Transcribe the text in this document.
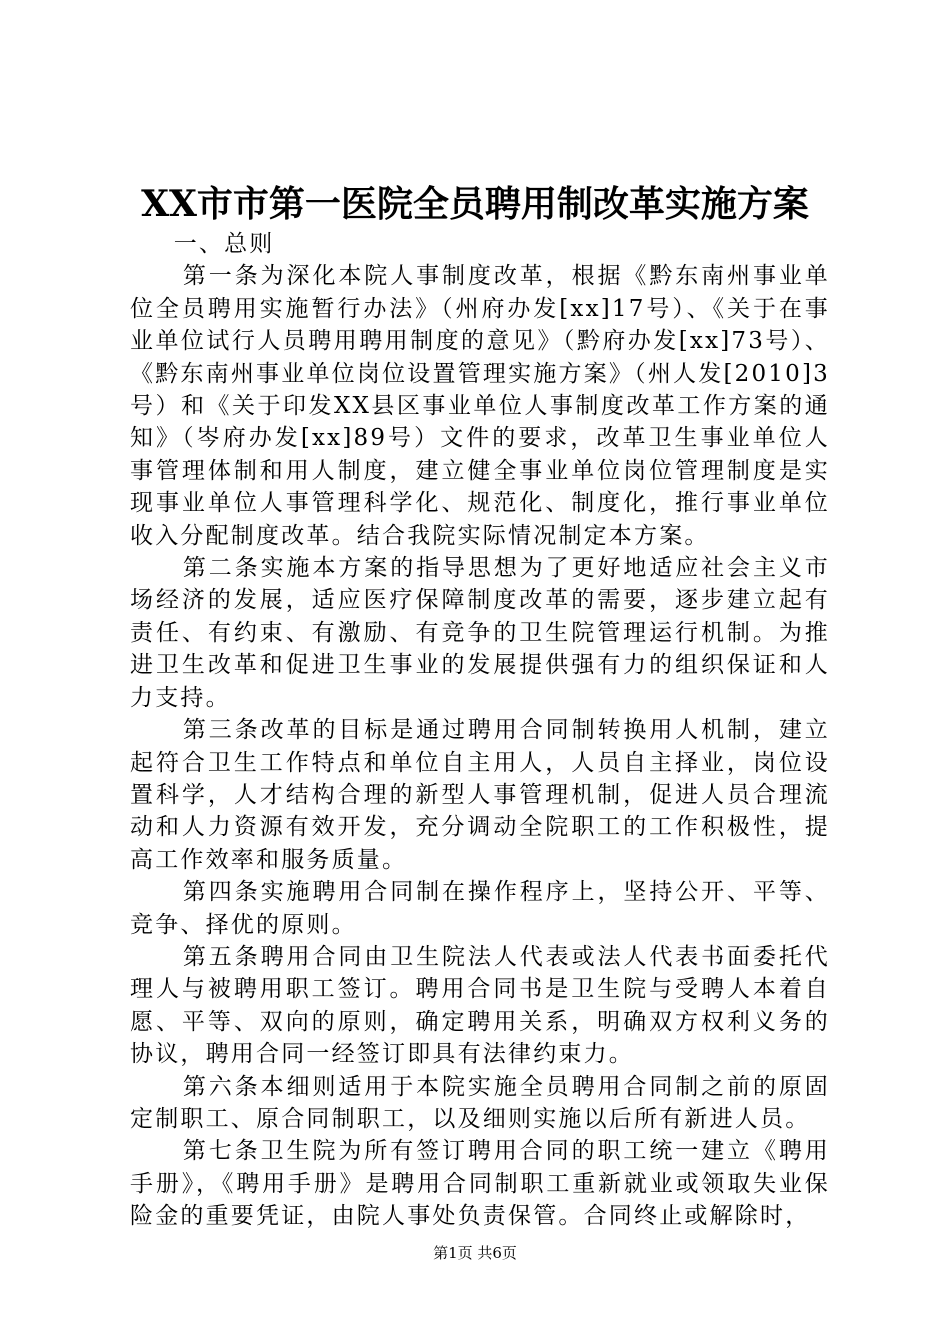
XX市市第一医院全员聘用制改革实施方案

一、总则

第一条为深化本院人事制度改革，根据《黔东南州事业单位全员聘用实施暂行办法》（州府办发[xx]17号）、《关于在事业单位试行人员聘用聘用制度的意见》（黔府办发[xx]73号）、《黔东南州事业单位岗位设置管理实施方案》（州人发[2010]3号）和《关于印发XX县区事业单位人事制度改革工作方案的通知》（岑府办发[xx]89号）文件的要求，改革卫生事业单位人事管理体制和用人制度，建立健全事业单位岗位管理制度是实现事业单位人事管理科学化、规范化、制度化，推行事业单位收入分配制度改革。结合我院实际情况制定本方案。

第二条实施本方案的指导思想为了更好地适应社会主义市场经济的发展，适应医疗保障制度改革的需要，逐步建立起有责任、有约束、有激励、有竞争的卫生院管理运行机制。为推进卫生改革和促进卫生事业的发展提供强有力的组织保证和人力支持。

第三条改革的目标是通过聘用合同制转换用人机制，建立起符合卫生工作特点和单位自主用人，人员自主择业，岗位设置科学，人才结构合理的新型人事管理机制，促进人员合理流动和人力资源有效开发，充分调动全院职工的工作积极性，提高工作效率和服务质量。

第四条实施聘用合同制在操作程序上，坚持公开、平等、竞争、择优的原则。

第五条聘用合同由卫生院法人代表或法人代表书面委托代理人与被聘用职工签订。聘用合同书是卫生院与受聘人本着自愿、平等、双向的原则，确定聘用关系，明确双方权利义务的协议，聘用合同一经签订即具有法律约束力。

第六条本细则适用于本院实施全员聘用合同制之前的原固定制职工、原合同制职工，以及细则实施以后所有新进人员。

第七条卫生院为所有签订聘用合同的职工统一建立《聘用手册》，《聘用手册》是聘用合同制职工重新就业或领取失业保险金的重要凭证，由院人事处负责保管。合同终止或解除时，

第1页 共6页
